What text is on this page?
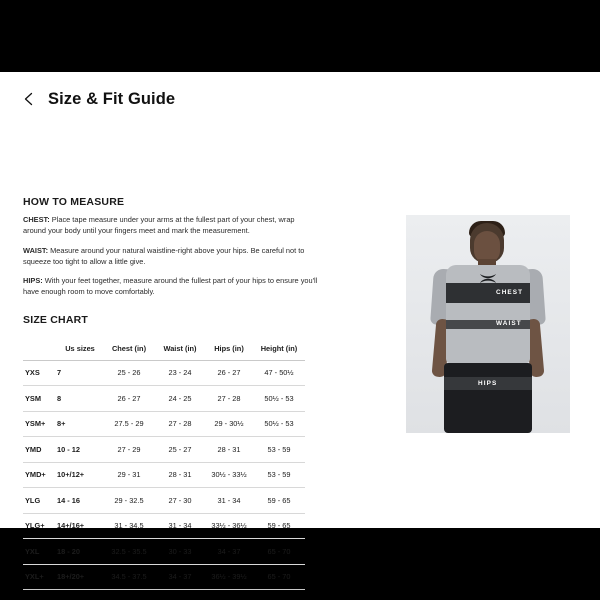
Size & Fit Guide
HOW TO MEASURE
CHEST: Place tape measure under your arms at the fullest part of your chest, wrap around your body until your fingers meet and mark the measurement.
WAIST: Measure around your natural waistline-right above your hips. Be careful not to squeeze too tight to allow a little give.
HIPS: With your feet together, measure around the fullest part of your hips to ensure you'll have enough room to move comfortably.
SIZE CHART
	Us sizes	Chest (in)	Waist (in)	Hips (in)	Height (in)
YXS	7	25 - 26	23 - 24	26 - 27	47 - 50½
YSM	8	26 - 27	24 - 25	27 - 28	50½ - 53
YSM+	8+	27.5 - 29	27 - 28	29 - 30½	50½ - 53
YMD	10 - 12	27 - 29	25 - 27	28 - 31	53 - 59
YMD+	10+/12+	29 - 31	28 - 31	30½ - 33½	53 - 59
YLG	14 - 16	29 - 32.5	27 - 30	31 - 34	59 - 65
YLG+	14+/16+	31 - 34.5	31 - 34	33½ - 36½	59 - 65
YXL	18 - 20	32.5 - 35.5	30 - 33	34 - 37	65 - 70
YXL+	18+/20+	34.5 - 37.5	34 - 37	36½ - 39½	65 - 70
CHEST
WAIST
HIPS
